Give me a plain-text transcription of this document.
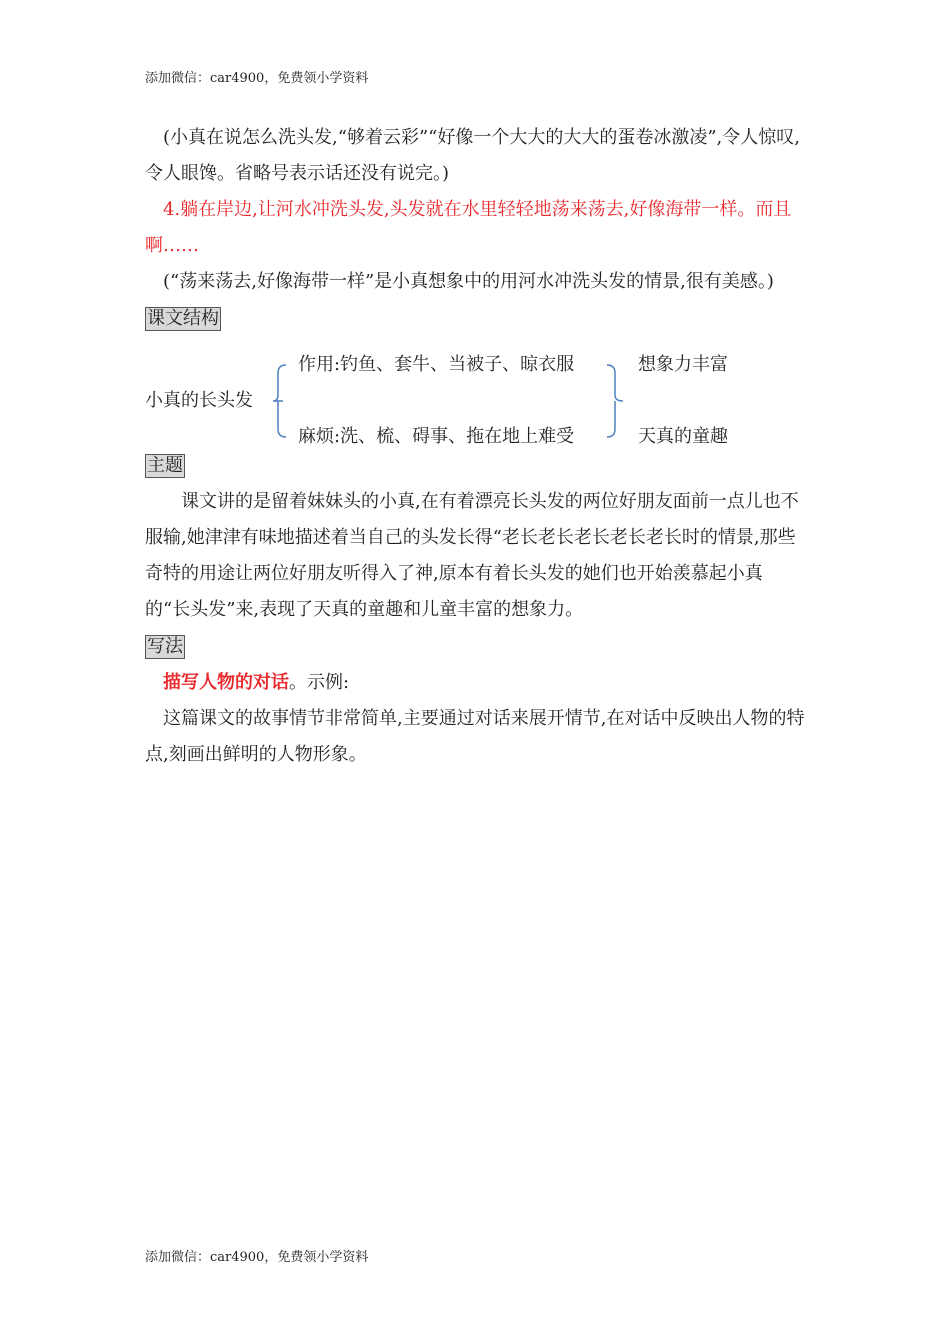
添加微信：car4900，免费领小学资料

(小真在说怎么洗头发,“够着云彩”“好像一个大大的大大的蛋卷冰激凌”,令人惊叹,令人眼馋。省略号表示话还没有说完。)

4.躺在岸边,让河水冲洗头发,头发就在水里轻轻地荡来荡去,好像海带一样。而且啊……

(“荡来荡去,好像海带一样”是小真想象中的用河水冲洗头发的情景,很有美感。)

课文结构
小真的长头发
作用:钓鱼、套牛、当被子、晾衣服
麻烦:洗、梳、碍事、拖在地上难受
想象力丰富
天真的童趣
主题

课文讲的是留着妹妹头的小真,在有着漂亮长头发的两位好朋友面前一点儿也不服输,她津津有味地描述着当自己的头发长得“老长老长老长老长老长时的情景,那些奇特的用途让两位好朋友听得入了神,原本有着长头发的她们也开始羡慕起小真的“长头发”来,表现了天真的童趣和儿童丰富的想象力。

写法

描写人物的对话。示例:

这篇课文的故事情节非常简单,主要通过对话来展开情节,在对话中反映出人物的特点,刻画出鲜明的人物形象。

添加微信：car4900，免费领小学资料
